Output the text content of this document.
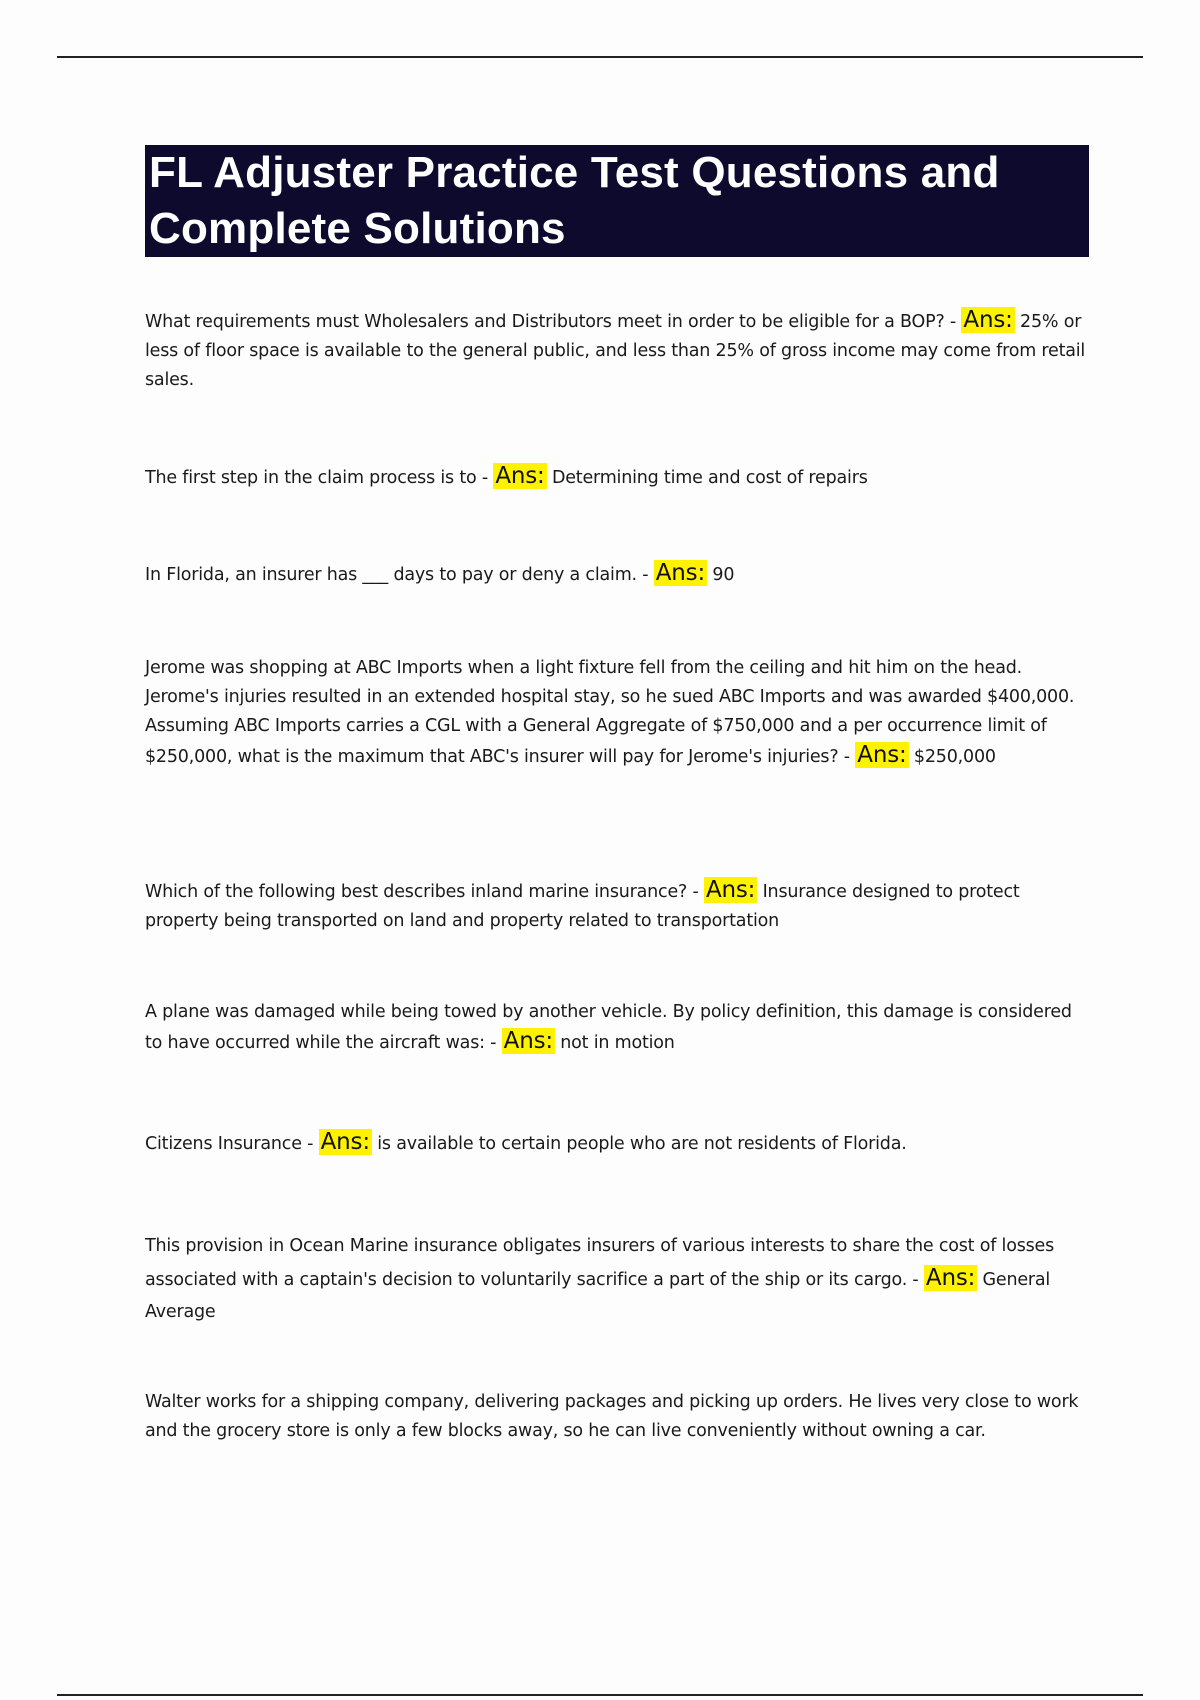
FL Adjuster Practice Test Questions and Complete Solutions

What requirements must Wholesalers and Distributors meet in order to be eligible for a BOP? - Ans: 25% or less of floor space is available to the general public, and less than 25% of gross income may come from retail sales.

The first step in the claim process is to - Ans: Determining time and cost of repairs

In Florida, an insurer has ___ days to pay or deny a claim. - Ans: 90

Jerome was shopping at ABC Imports when a light fixture fell from the ceiling and hit him on the head. Jerome's injuries resulted in an extended hospital stay, so he sued ABC Imports and was awarded $400,000. Assuming ABC Imports carries a CGL with a General Aggregate of $750,000 and a per occurrence limit of $250,000, what is the maximum that ABC's insurer will pay for Jerome's injuries? - Ans: $250,000

Which of the following best describes inland marine insurance? - Ans: Insurance designed to protect property being transported on land and property related to transportation

A plane was damaged while being towed by another vehicle. By policy definition, this damage is considered to have occurred while the aircraft was: - Ans: not in motion

Citizens Insurance - Ans: is available to certain people who are not residents of Florida.

This provision in Ocean Marine insurance obligates insurers of various interests to share the cost of losses associated with a captain's decision to voluntarily sacrifice a part of the ship or its cargo. - Ans: General Average

Walter works for a shipping company, delivering packages and picking up orders. He lives very close to work and the grocery store is only a few blocks away, so he can live conveniently without owning a car.
